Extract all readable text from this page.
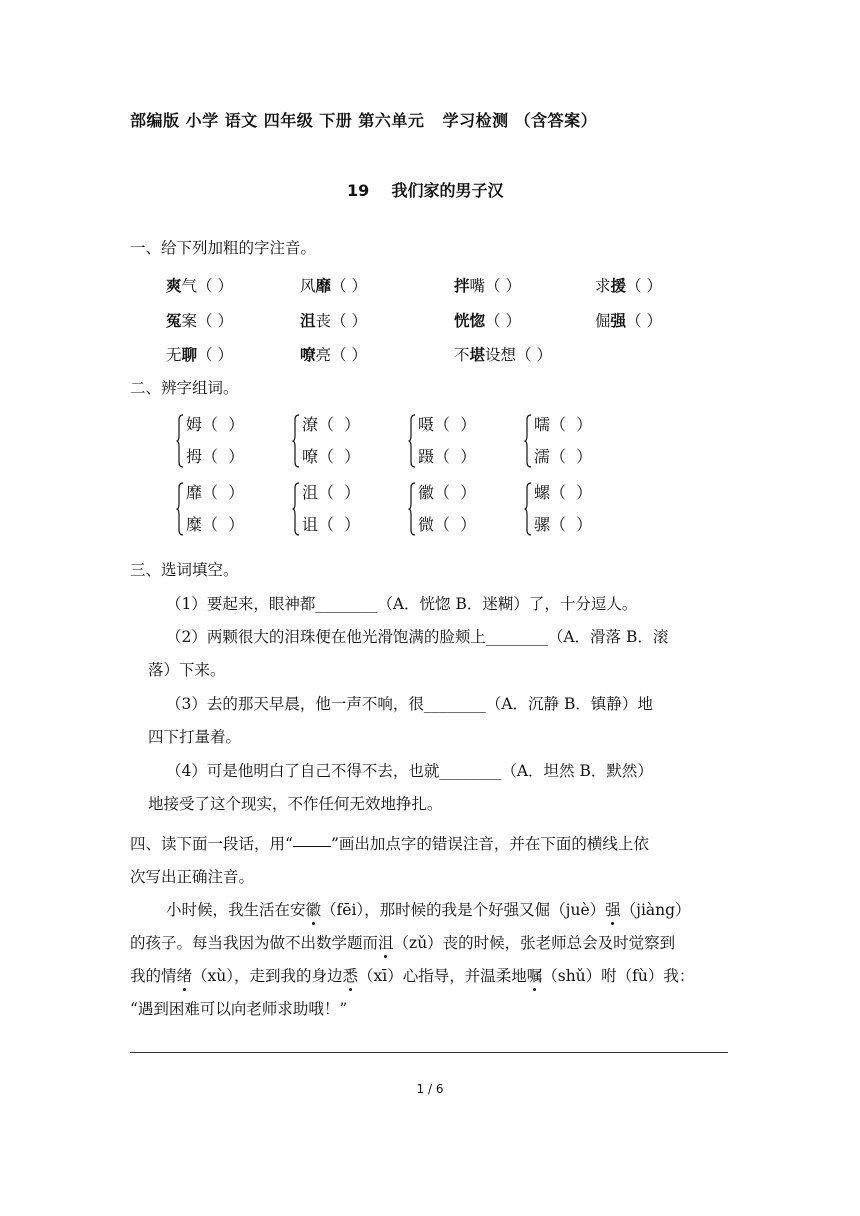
部编版 小学 语文 四年级 下册 第六单元   学习检测 （含答案）
19    我们家的男子汉
一、给下列加粗的字注音。
爽气（ ）	风靡（ ）	拌嘴（ ）	求援（ ）
冤案（ ）	沮丧（ ）	恍惚（ ）	倔强（ ）
无聊（ ）	嘹亮（ ）	不堪设想（ ）
二、辨字组词。
姆（  ）
拇（  ）
潦（  ）
嘹（  ）
嗫（  ）
蹑（  ）
嚅（  ）
濡（  ）
靡（  ）
糜（  ）
沮（  ）
诅（  ）
徽（  ）
微（  ）
螺（  ）
骡（  ）
三、选词填空。
（1）要起来，眼神都________（A．恍惚 B．迷糊）了，十分逗人。
（2）两颗很大的泪珠便在他光滑饱满的脸颊上________（A．滑落 B．滚
落）下来。
（3）去的那天早晨，他一声不响，很________（A．沉静 B．镇静）地
四下打量着。
（4）可是他明白了自己不得不去，也就________（A．坦然 B．默然）
地接受了这个现实，不作任何无效地挣扎。
四、读下面一段话，用“ ”画出加点字的错误注音，并在下面的横线上依
次写出正确注音。
小时候，我生活在安徽（fēi），那时候的我是个好强又倔（juè）强（jiàng）
的孩子。每当我因为做不出数学题而沮（zǔ）丧的时候，张老师总会及时觉察到
我的情绪（xù），走到我的身边悉（xī）心指导，并温柔地嘱（shǔ）咐（fù）我：
“遇到困难可以向老师求助哦！”
1 / 6
